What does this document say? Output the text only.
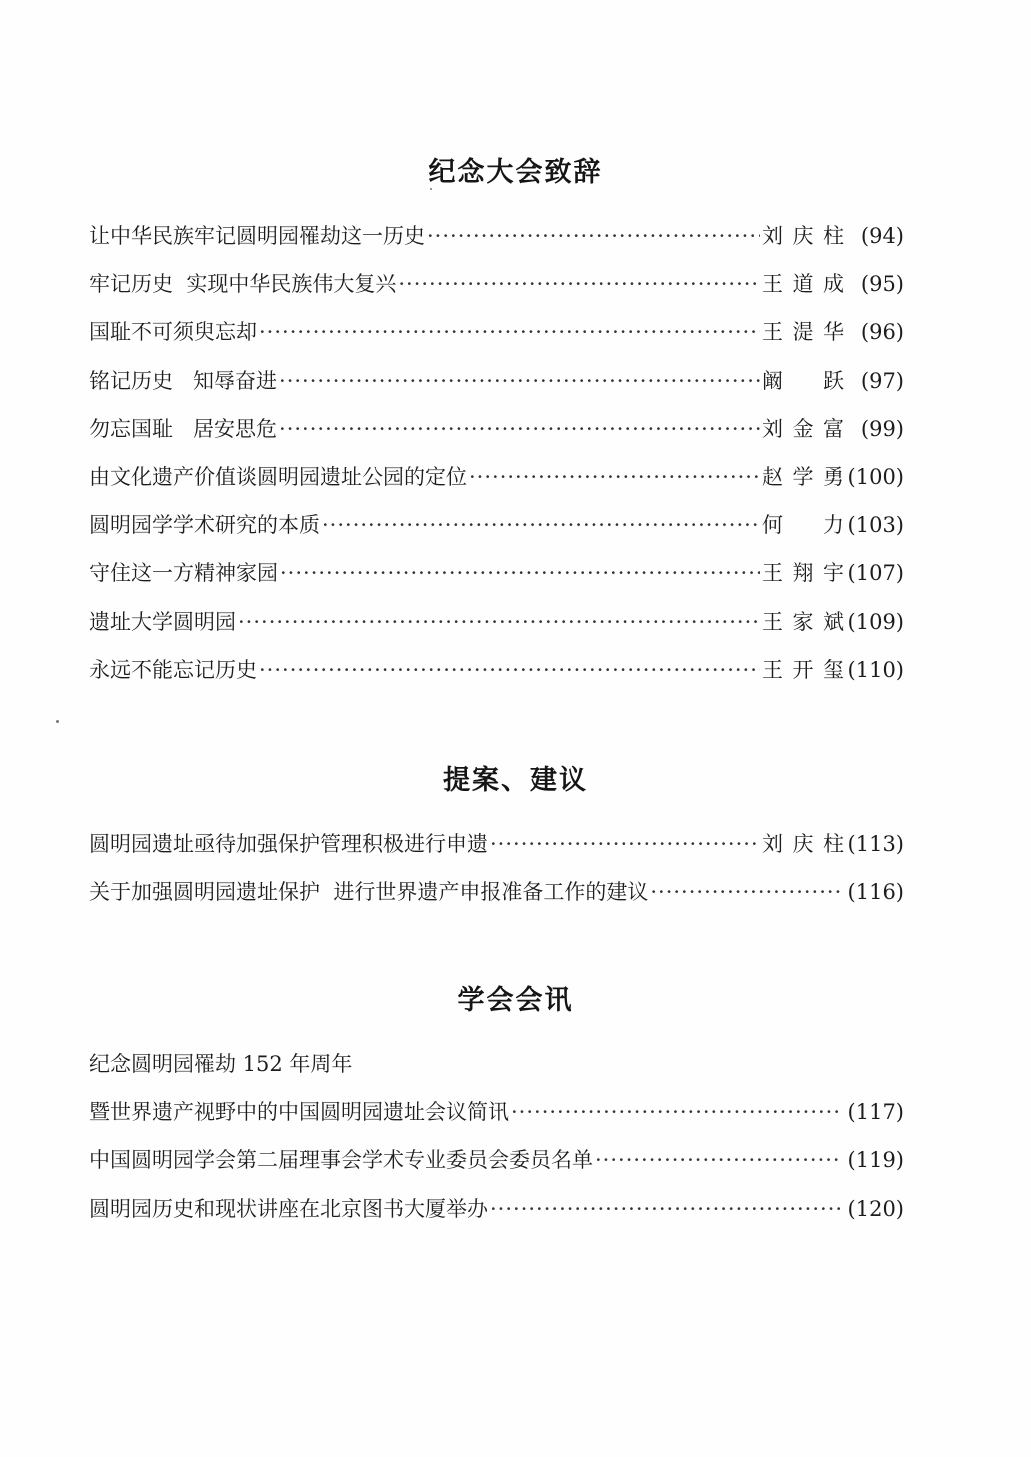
纪念大会致辞
让中华民族牢记圆明园罹劫这一历史 ·····	刘庆柱 (94)
牢记历史  实现中华民族伟大复兴 ·····	王道成 (95)
国耻不可须臾忘却 ·····	王湜华 (96)
铭记历史   知辱奋进 ·····	阚 跃 (97)
勿忘国耻   居安思危 ·····	刘金富 (99)
由文化遗产价值谈圆明园遗址公园的定位 ·····	赵学勇 (100)
圆明园学学术研究的本质 ·····	何 力 (103)
守住这一方精神家园 ·····	王翔宇 (107)
遗址大学圆明园 ·····	王家斌 (109)
永远不能忘记历史 ·····	王开玺 (110)
提案、建议
圆明园遗址亟待加强保护管理积极进行申遗 ·····	刘庆柱 (113)
关于加强圆明园遗址保护  进行世界遗产申报准备工作的建议 ·····	(116)
学会会讯
纪念圆明园罹劫 152 年周年
暨世界遗产视野中的中国圆明园遗址会议简讯 ·····	(117)
中国圆明园学会第二届理事会学术专业委员会委员名单 ·····	(119)
圆明园历史和现状讲座在北京图书大厦举办 ·····	(120)
